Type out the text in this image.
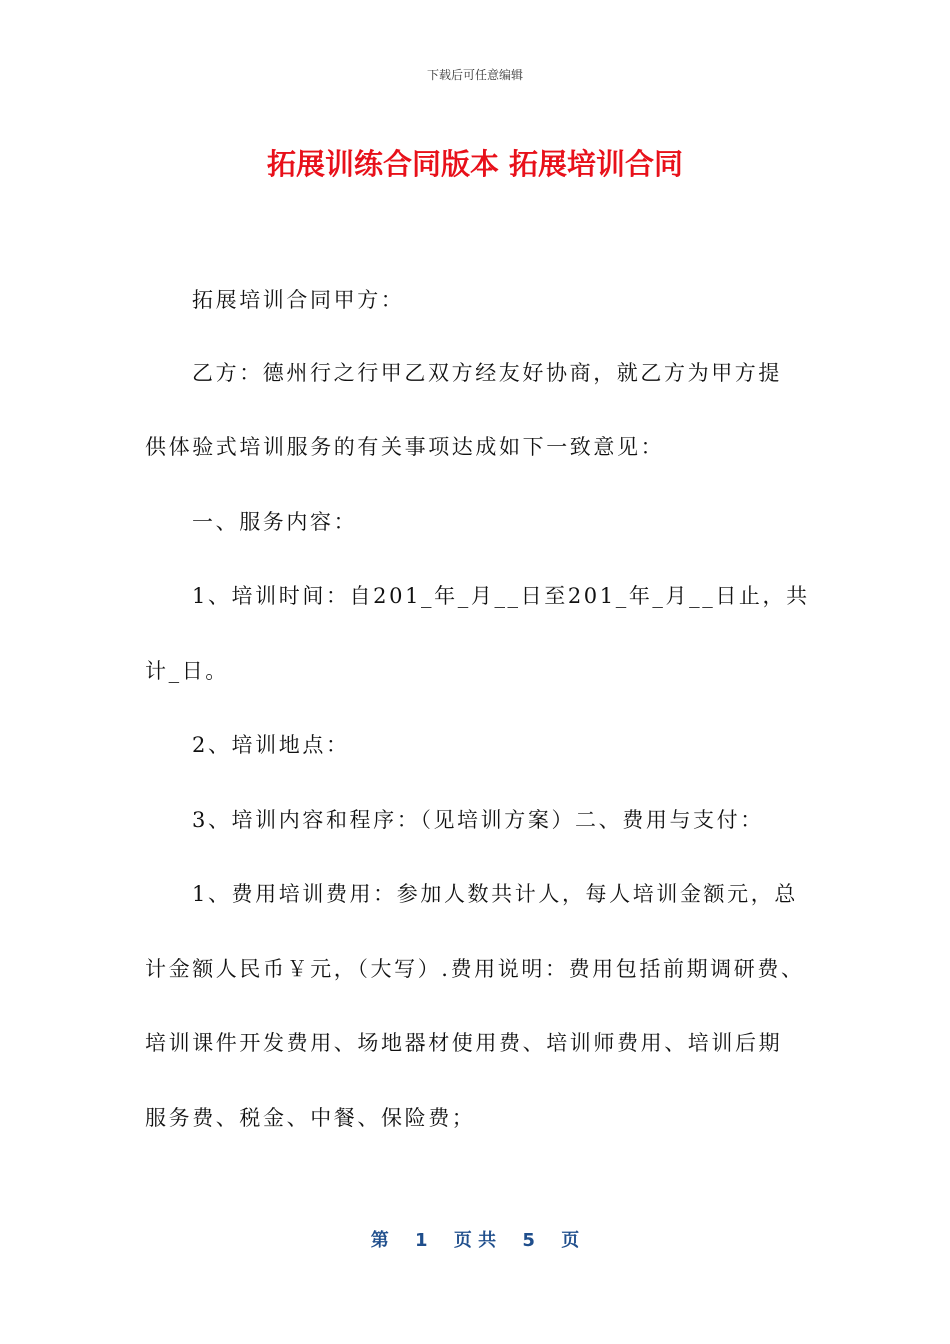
下载后可任意编辑
拓展训练合同版本 拓展培训合同
拓展培训合同甲方：
乙方：德州行之行甲乙双方经友好协商，就乙方为甲方提
供体验式培训服务的有关事项达成如下一致意见：
一、服务内容：
1、培训时间：自201_年_月__日至201_年_月__日止，共
计_日。
2、培训地点：
3、培训内容和程序：（见培训方案）二、费用与支付：
1、费用培训费用：参加人数共计人，每人培训金额元，总
计金额人民币￥元，（大写）.费用说明：费用包括前期调研费、
培训课件开发费用、场地器材使用费、培训师费用、培训后期
服务费、税金、中餐、保险费；
第 1 页 共 5 页
